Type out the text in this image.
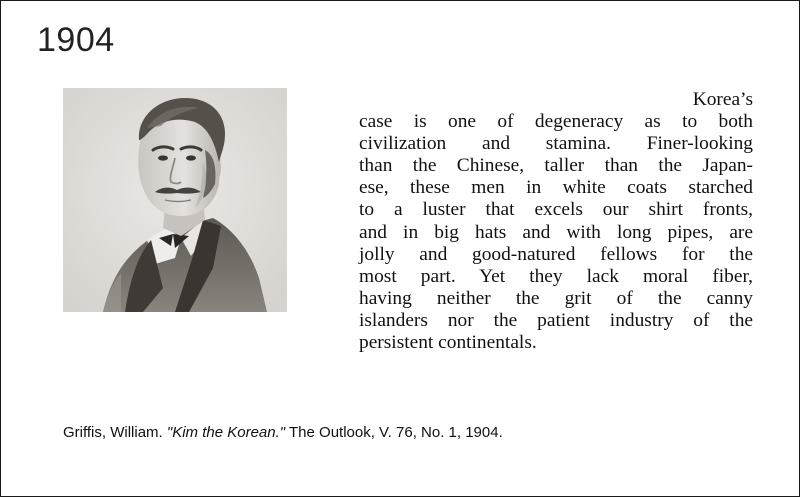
1904
Korea’s
case is one of degeneracy as to both
civilization and stamina. Finer-looking
than the Chinese, taller than the Japan-
ese, these men in white coats starched
to a luster that excels our shirt fronts,
and in big hats and with long pipes, are
jolly and good-natured fellows for the
most part. Yet they lack moral fiber,
having neither the grit of the canny
islanders nor the patient industry of the
persistent continentals.
Griffis, William. "Kim the Korean." The Outlook, V. 76, No. 1, 1904.
